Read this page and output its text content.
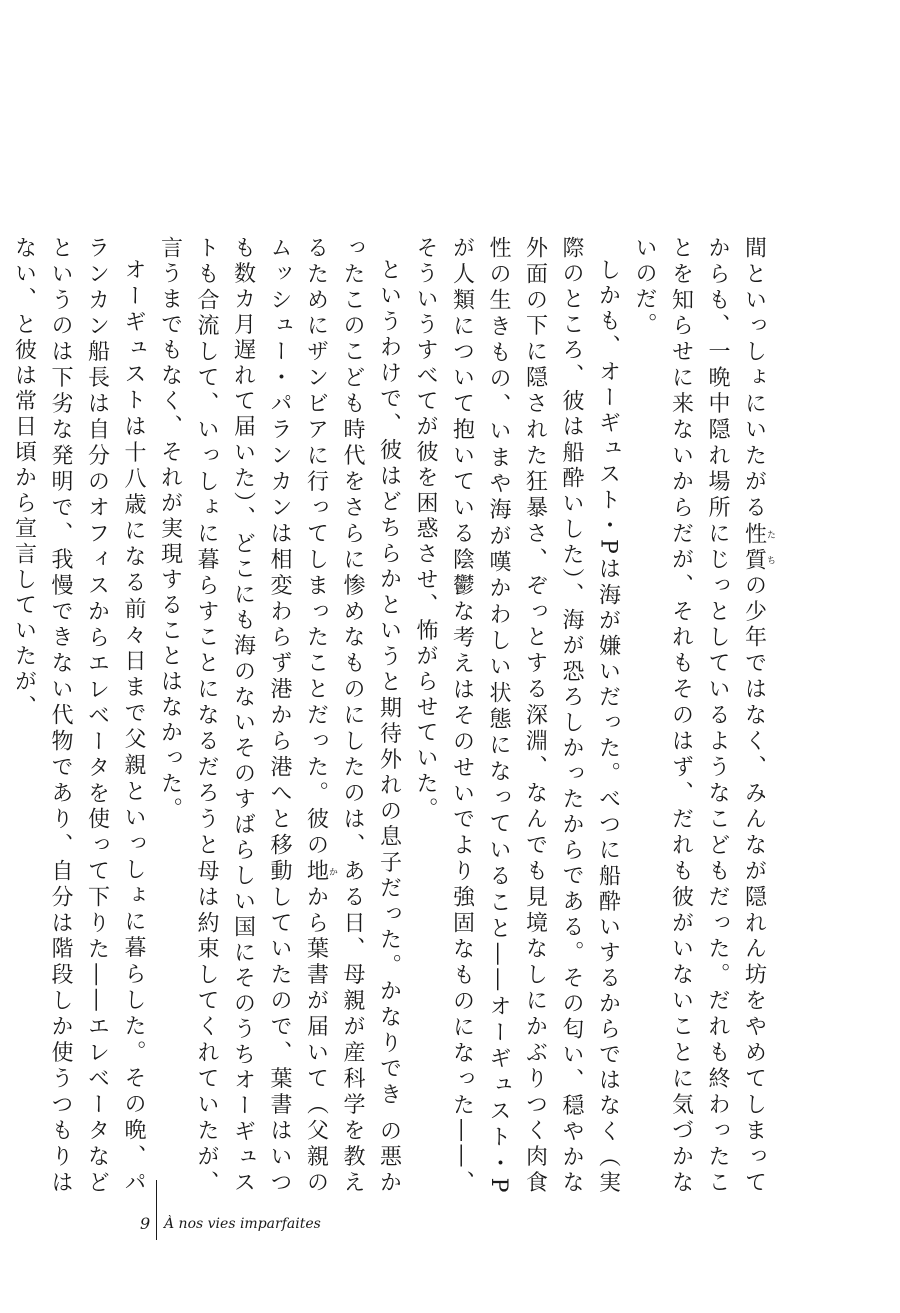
間といっしょにいたがる性質たちの少年ではなく、みんなが隠れん坊をやめてしまってからも、一晩中隠れ場所にじっとしているようなこどもだった。だれも終わったことを知らせに来ないからだが、それもそのはず、だれも彼がいないことに気づかないのだ。

しかも、オーギュスト・Pは海が嫌いだった。べつに船酔いするからではなく（実際のところ、彼は船酔いした）、海が恐ろしかったからである。その匂い、穏やかな外面の下に隠された狂暴さ、ぞっとする深淵、なんでも見境なしにかぶりつく肉食性の生きもの、いまや海が嘆かわしい状態になっていること――オーギュスト・Pが人類について抱いている陰鬱な考えはそのせいでより強固なものになった――、そういうすべてが彼を困惑させ、怖がらせていた。

というわけで、彼はどちらかというと期待外れの息子だった。かなりでき の悪かったこのこども時代をさらに惨めなものにしたのは、ある日、母親が産科学を教えるためにザンビアに行ってしまったことだった。彼の地かから葉書が届いて（父親のムッシュー・パランカンは相変わらず港から港へと移動していたので、葉書はいつも数カ月遅れて届いた）、どこにも海のないそのすばらしい国にそのうちオーギュストも合流して、いっしょに暮らすことになるだろうと母は約束してくれていたが、言うまでもなく、それが実現することはなかった。

オーギュストは十八歳になる前々日まで父親といっしょに暮らした。その晩、パランカン船長は自分のオフィスからエレベータを使って下りた――エレベータなどというのは下劣な発明で、我慢できない代物であり、自分は階段しか使うつもりはない、と彼は常日頃から宣言していたが、

9 À nos vies imparfaites
